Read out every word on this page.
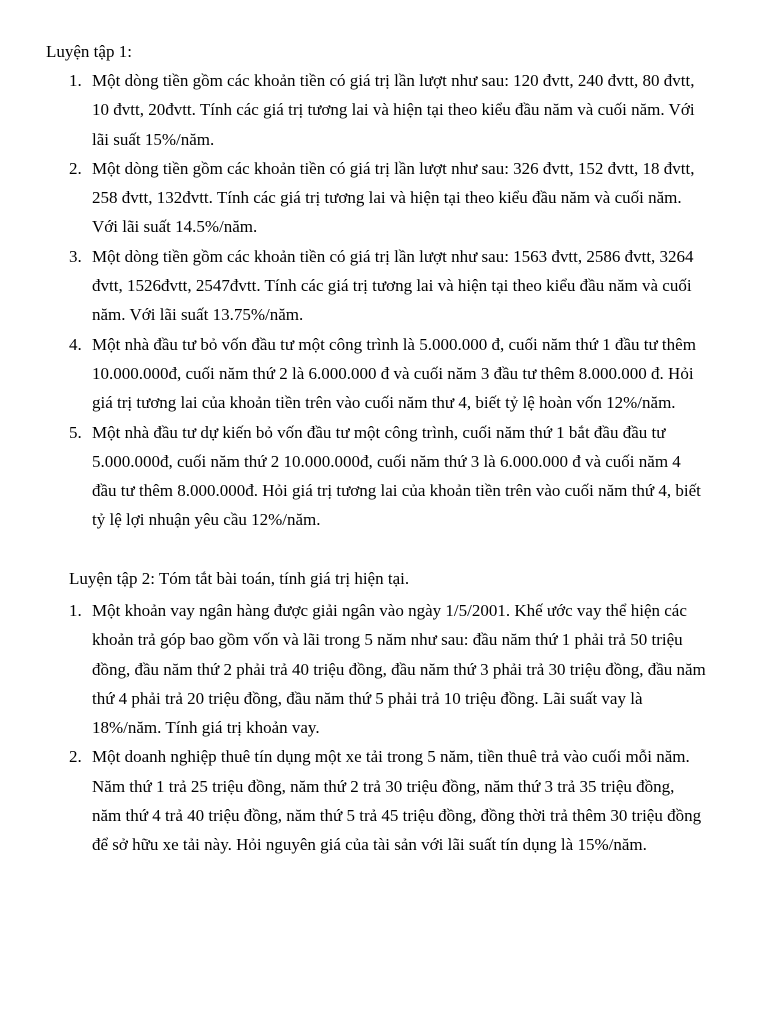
Luyện tập 1:

1. Một dòng tiền gồm các khoản tiền có giá trị lần lượt như sau: 120 đvtt, 240 đvtt, 80 đvtt, 10 đvtt, 20đvtt. Tính các giá trị tương lai và hiện tại theo kiểu đầu năm và cuối năm. Với lãi suất 15%/năm.
2. Một dòng tiền gồm các khoản tiền có giá trị lần lượt như sau: 326 đvtt, 152 đvtt, 18 đvtt, 258 đvtt, 132đvtt. Tính các giá trị tương lai và hiện tại theo kiểu đầu năm và cuối năm. Với lãi suất 14.5%/năm.
3. Một dòng tiền gồm các khoản tiền có giá trị lần lượt như sau: 1563 đvtt, 2586 đvtt, 3264 đvtt, 1526đvtt, 2547đvtt. Tính các giá trị tương lai và hiện tại theo kiểu đầu năm và cuối năm. Với lãi suất 13.75%/năm.
4. Một nhà đầu tư bỏ vốn đầu tư một công trình là 5.000.000 đ, cuối năm thứ 1 đầu tư thêm 10.000.000đ, cuối năm thứ 2 là 6.000.000 đ và cuối năm 3 đầu tư thêm 8.000.000 đ. Hỏi giá trị tương lai của khoản tiền trên vào cuối năm thư 4, biết tỷ lệ hoàn vốn 12%/năm.
5. Một nhà đầu tư dự kiến bỏ vốn đầu tư một công trình, cuối năm thứ 1 bắt đầu đầu tư 5.000.000đ, cuối năm thứ 2 10.000.000đ, cuối năm thứ 3 là 6.000.000 đ và cuối năm 4 đầu tư thêm 8.000.000đ. Hỏi giá trị tương lai của khoản tiền trên vào cuối năm thứ 4, biết tỷ lệ lợi nhuận yêu cầu 12%/năm.

Luyện tập 2: Tóm tắt bài toán, tính giá trị hiện tại.

1. Một khoản vay ngân hàng được giải ngân vào ngày 1/5/2001. Khế ước vay thể hiện các khoản trả góp bao gồm vốn và lãi trong 5 năm như sau: đầu năm thứ 1 phải trả 50 triệu đồng, đầu năm thứ 2 phải trả 40 triệu đồng, đầu năm thứ 3 phải trả 30 triệu đồng, đầu năm thứ 4 phải trả 20 triệu đồng, đầu năm thứ 5 phải trả 10 triệu đồng. Lãi suất vay là 18%/năm. Tính giá trị khoản vay.
2. Một doanh nghiệp thuê tín dụng một xe tải trong 5 năm, tiền thuê trả vào cuối mỗi năm. Năm thứ 1 trả 25 triệu đồng, năm thứ 2 trả 30 triệu đồng, năm thứ 3 trả 35 triệu đồng, năm thứ 4 trả 40 triệu đồng, năm thứ 5 trả 45 triệu đồng, đồng thời trả thêm 30 triệu đồng để sở hữu xe tải này. Hỏi nguyên giá của tài sản với lãi suất tín dụng là 15%/năm.
